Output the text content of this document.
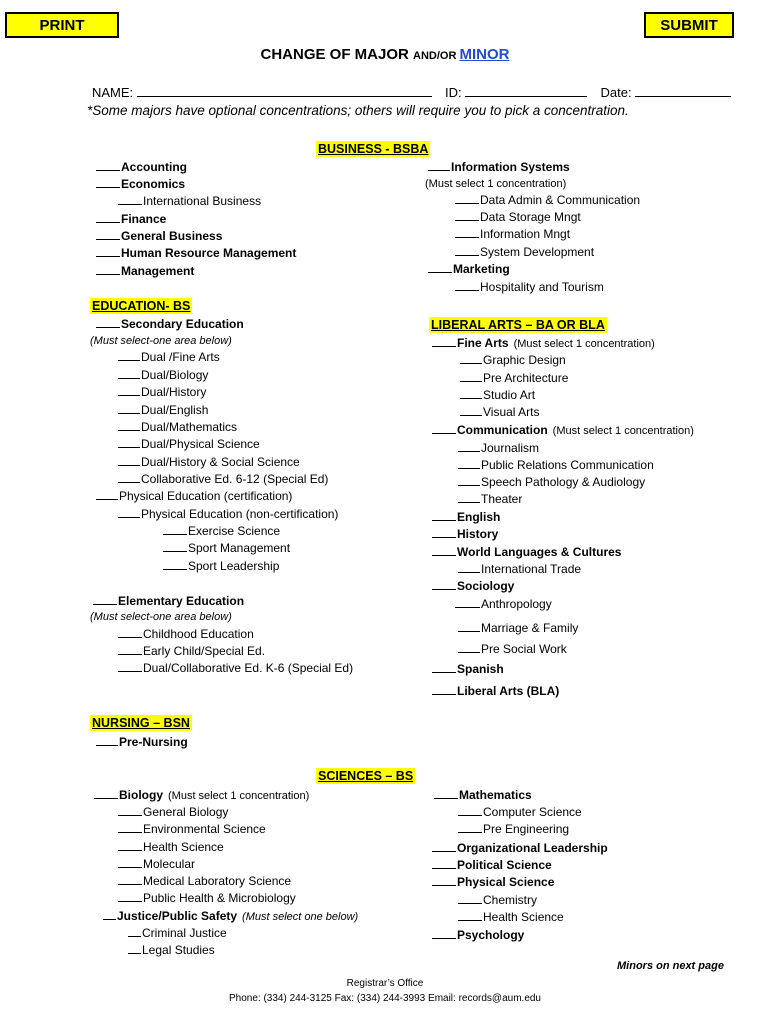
PRINT	SUBMIT
CHANGE OF MAJOR AND/OR MINOR
NAME:	ID:	Date:
*Some majors have optional concentrations; others will require you to pick a concentration.
BUSINESS - BSBA
EDUCATION- BS
LIBERAL ARTS – BA OR BLA
NURSING – BSN
SCIENCES – BS
Accounting
Economics
International Business
Finance
General Business
Human Resource Management
Management
Information Systems
(Must select 1 concentration)
Data Admin & Communication
Data Storage Mngt
Information Mngt
System Development
Marketing
Hospitality and Tourism
Secondary Education
(Must select-one area below)
Dual /Fine Arts
Dual/Biology
Dual/History
Dual/English
Dual/Mathematics
Dual/Physical Science
Dual/History & Social Science
Collaborative Ed. 6-12 (Special Ed)
Physical Education (certification)
Physical Education (non-certification)
Exercise Science
Sport Management
Sport Leadership
Elementary Education
(Must select-one area below)
Childhood Education
Early Child/Special Ed.
Dual/Collaborative Ed. K-6 (Special Ed)
Fine Arts (Must select 1 concentration)
Graphic Design
Pre Architecture
Studio Art
Visual Arts
Communication (Must select 1 concentration)
Journalism
Public Relations Communication
Speech Pathology & Audiology
Theater
English
History
World Languages & Cultures
International Trade
Sociology
Anthropology
Marriage & Family
Pre Social Work
Spanish
Liberal Arts (BLA)
Pre-Nursing
Biology (Must select 1 concentration)
General Biology
Environmental Science
Health Science
Molecular
Medical Laboratory Science
Public Health & Microbiology
Justice/Public Safety (Must select one below)
Criminal Justice
Legal Studies
Mathematics
Computer Science
Pre Engineering
Organizational Leadership
Political Science
Physical Science
Chemistry
Health Science
Psychology
Minors on next page
Registrar’s Office
Phone: (334) 244-3125 Fax: (334) 244-3993 Email: records@aum.edu
